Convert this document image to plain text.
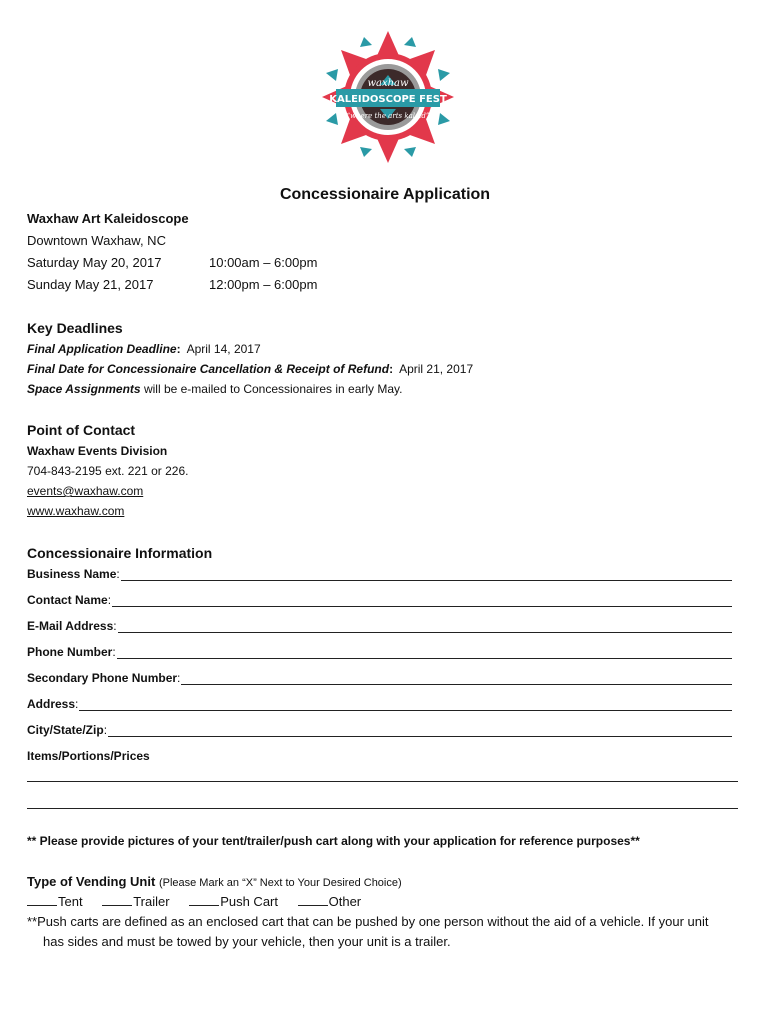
waxhaw
KALEIDOSCOPE FEST
“where the arts kaleid”
Concessionaire Application
Waxhaw Art Kaleidoscope
Downtown Waxhaw, NC
Saturday May 20, 2017	10:00am – 6:00pm
Sunday May 21, 2017	12:00pm – 6:00pm
Key Deadlines
Final Application Deadline: April 14, 2017
Final Date for Concessionaire Cancellation & Receipt of Refund: April 21, 2017
Space Assignments will be e-mailed to Concessionaires in early May.
Point of Contact
Waxhaw Events Division
704-843-2195 ext. 221 or 226.
events@waxhaw.com
www.waxhaw.com
Concessionaire Information
Business Name :
Contact Name :
E-Mail Address :
Phone Number :
Secondary Phone Number :
Address :
City/State/Zip :
Items/Portions/Prices
** Please provide pictures of your tent/trailer/push cart along with your application for reference purposes**
Type of Vending Unit (Please Mark an “X” Next to Your Desired Choice)
Tent	Trailer	Push Cart	Other
**Push carts are defined as an enclosed cart that can be pushed by one person without the aid of a vehicle. If your unit
has sides and must be towed by your vehicle, then your unit is a trailer.
